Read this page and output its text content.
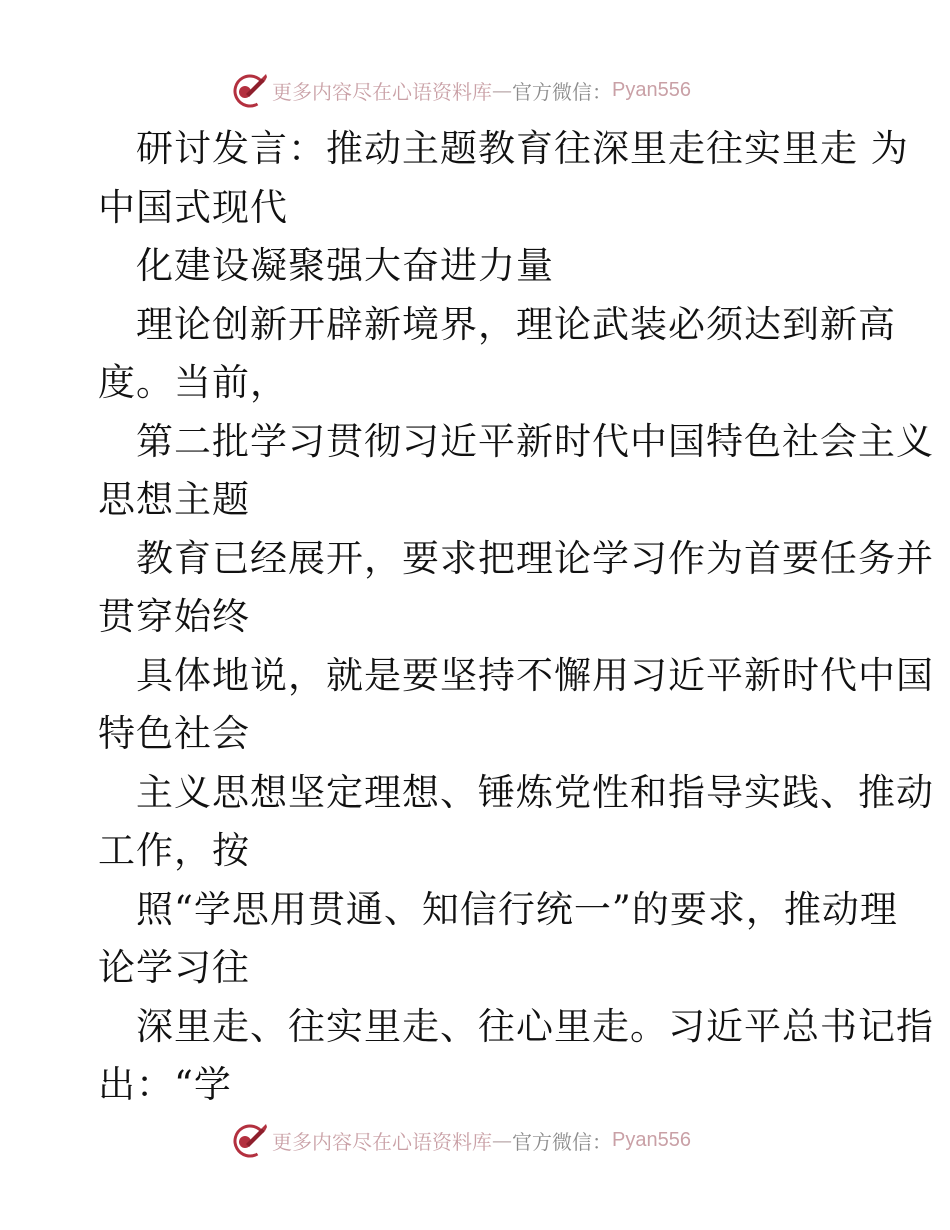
更多内容尽在心语资料库 — 官方微信： Pyan556
研讨发言：推动主题教育往深里走往实里走 为
中国式现代
化建设凝聚强大奋进力量
理论创新开辟新境界，理论武装必须达到新高
度。当前，
第二批学习贯彻习近平新时代中国特色社会主义
思想主题
教育已经展开，要求把理论学习作为首要任务并
贯穿始终
具体地说，就是要坚持不懈用习近平新时代中国
特色社会
主义思想坚定理想、锤炼党性和指导实践、推动
工作，按
照“学思用贯通、知信行统一”的要求，推动理
论学习往
深里走、往实里走、往心里走。习近平总书记指
出：“学
更多内容尽在心语资料库 — 官方微信： Pyan556
